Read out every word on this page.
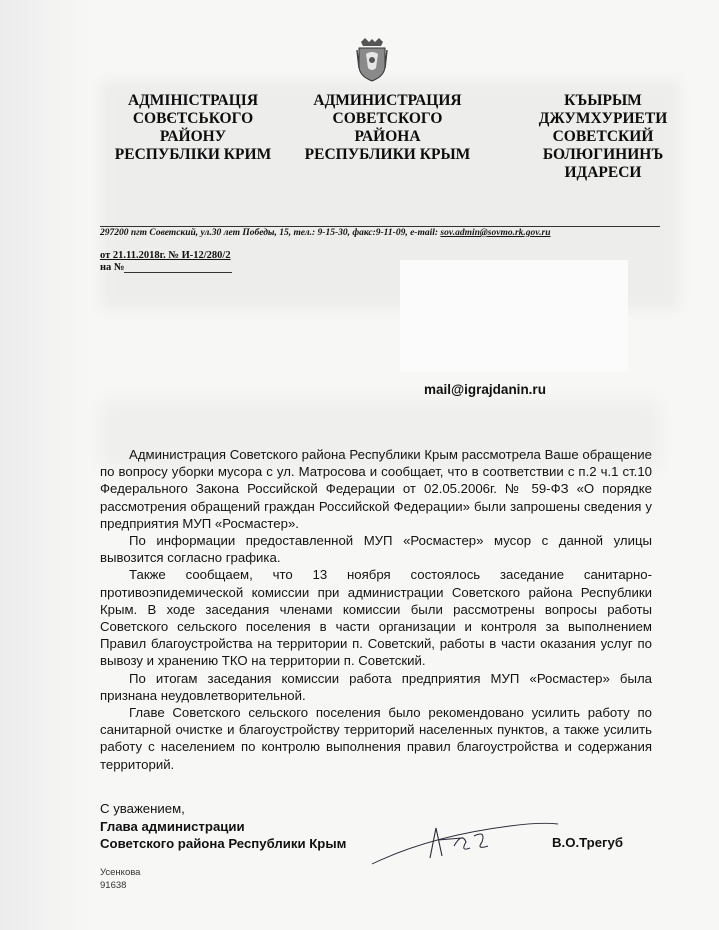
АДМІНІСТРАЦІЯ
СОВЄТСЬКОГО
РАЙОНУ
РЕСПУБЛІКИ КРИМ
АДМИНИСТРАЦИЯ
СОВЕТСКОГО
РАЙОНА
РЕСПУБЛИКИ КРЫМ
КЪЫРЫМ
ДЖУМХУРИЕТИ
СОВЕТСКИЙ
БОЛЮГИНИНЪ
ИДАРЕСИ
297200 пгт Советский, ул.30 лет Победы, 15, тел.: 9-15-30, факс:9-11-09, e-mail: sov.admin@sovmo.rk.gov.ru
от 21.11.2018г. № И-12/280/2
на №
mail@igrajdanin.ru

Администрация Советского района Республики Крым рассмотрела Ваше обращение по вопросу уборки мусора с ул. Матросова и сообщает, что в соответствии с п.2 ч.1 ст.10 Федерального Закона Российской Федерации от 02.05.2006г. № 59-ФЗ «О порядке рассмотрения обращений граждан Российской Федерации» были запрошены сведения у предприятия МУП «Росмастер».

По информации предоставленной МУП «Росмастер» мусор с данной улицы вывозится согласно графика.

Также сообщаем, что 13 ноября состоялось заседание санитарно-противоэпидемической комиссии при администрации Советского района Республики Крым. В ходе заседания членами комиссии были рассмотрены вопросы работы Советского сельского поселения в части организации и контроля за выполнением Правил благоустройства на территории п. Советский, работы в части оказания услуг по вывозу и хранению ТКО на территории п. Советский.

По итогам заседания комиссии работа предприятия МУП «Росмастер» была признана неудовлетворительной.

Главе Советского сельского поселения было рекомендовано усилить работу по санитарной очистке и благоустройству территорий населенных пунктов, а также усилить работу с населением по контролю выполнения правил благоустройства и содержания территорий.

С уважением,
Глава администрации
Советского района Республики Крым	В.О.Трегуб
Усенкова
91638
